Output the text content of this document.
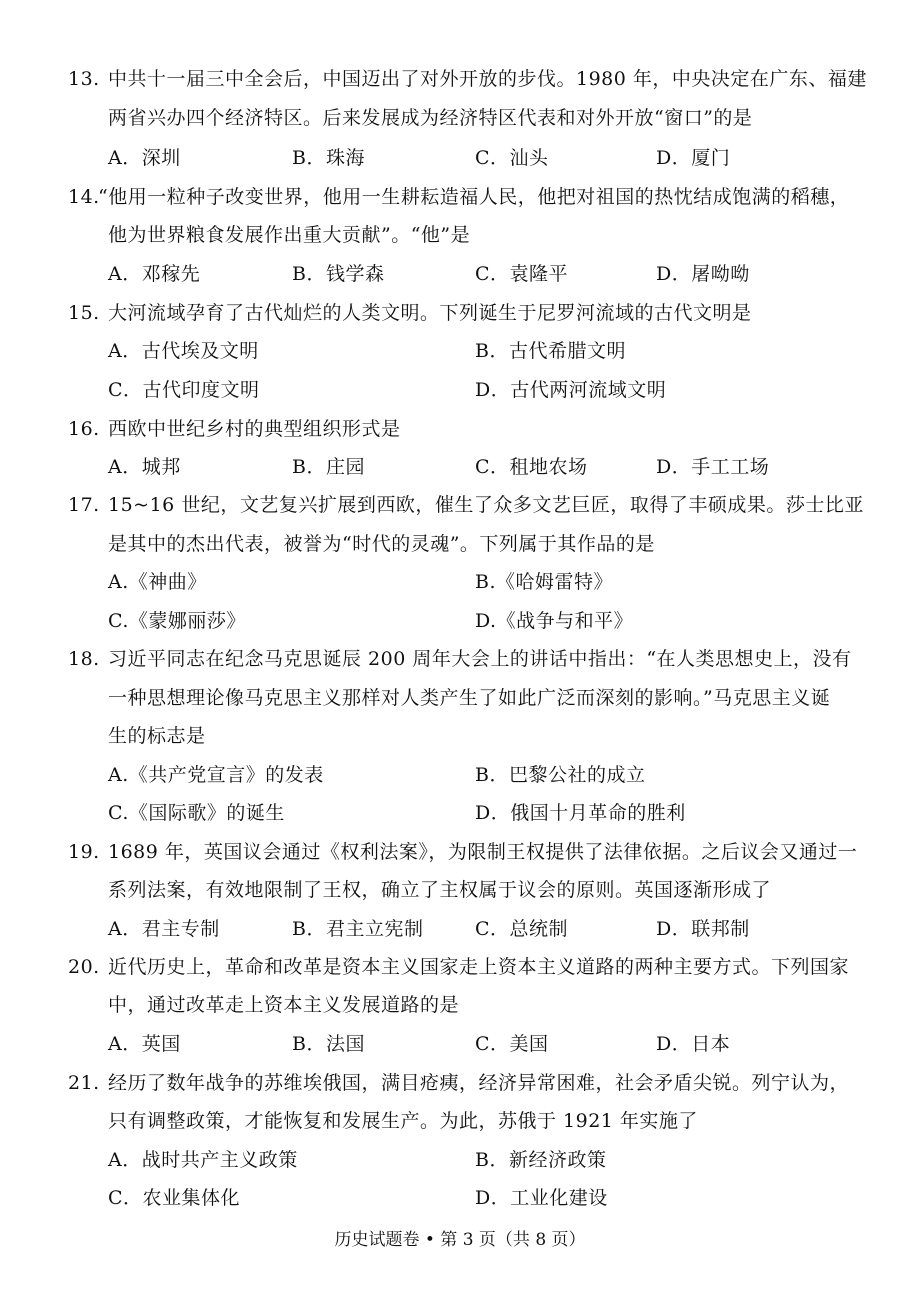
13. 中共十一届三中全会后，中国迈出了对外开放的步伐。1980 年，中央决定在广东、福建
两省兴办四个经济特区。后来发展成为经济特区代表和对外开放“窗口”的是
A．深圳	B．珠海	C．汕头	D．厦门
14.
“他用一粒种子改变世界，他用一生耕耘造福人民，他把对祖国的热忱结成饱满的稻穗，
他为世界粮食发展作出重大贡献”。“他”是
A．邓稼先	B．钱学森	C．袁隆平	D．屠呦呦
15. 大河流域孕育了古代灿烂的人类文明。下列诞生于尼罗河流域的古代文明是
A．古代埃及文明	B．古代希腊文明
C．古代印度文明	D．古代两河流域文明
16. 西欧中世纪乡村的典型组织形式是
A．城邦	B．庄园	C．租地农场	D．手工工场
17. 15~16 世纪，文艺复兴扩展到西欧，催生了众多文艺巨匠，取得了丰硕成果。莎士比亚
是其中的杰出代表，被誉为“时代的灵魂”。下列属于其作品的是
A.《神曲》	B.《哈姆雷特》
C.《蒙娜丽莎》	D.《战争与和平》
18. 习近平同志在纪念马克思诞辰 200 周年大会上的讲话中指出：“在人类思想史上，没有
一种思想理论像马克思主义那样对人类产生了如此广泛而深刻的影响。”马克思主义诞
生的标志是
A.《共产党宣言》的发表	B．巴黎公社的成立
C.《国际歌》的诞生	D．俄国十月革命的胜利
19. 1689 年，英国议会通过《权利法案》，为限制王权提供了法律依据。之后议会又通过一
系列法案，有效地限制了王权，确立了主权属于议会的原则。英国逐渐形成了
A．君主专制	B．君主立宪制	C．总统制	D．联邦制
20. 近代历史上，革命和改革是资本主义国家走上资本主义道路的两种主要方式。下列国家
中，通过改革走上资本主义发展道路的是
A．英国	B．法国	C．美国	D．日本
21. 经历了数年战争的苏维埃俄国，满目疮痍，经济异常困难，社会矛盾尖锐。列宁认为，
只有调整政策，才能恢复和发展生产。为此，苏俄于 1921 年实施了
A．战时共产主义政策	B．新经济政策
C．农业集体化	D．工业化建设
历史试题卷 • 第 3 页（共 8 页）
